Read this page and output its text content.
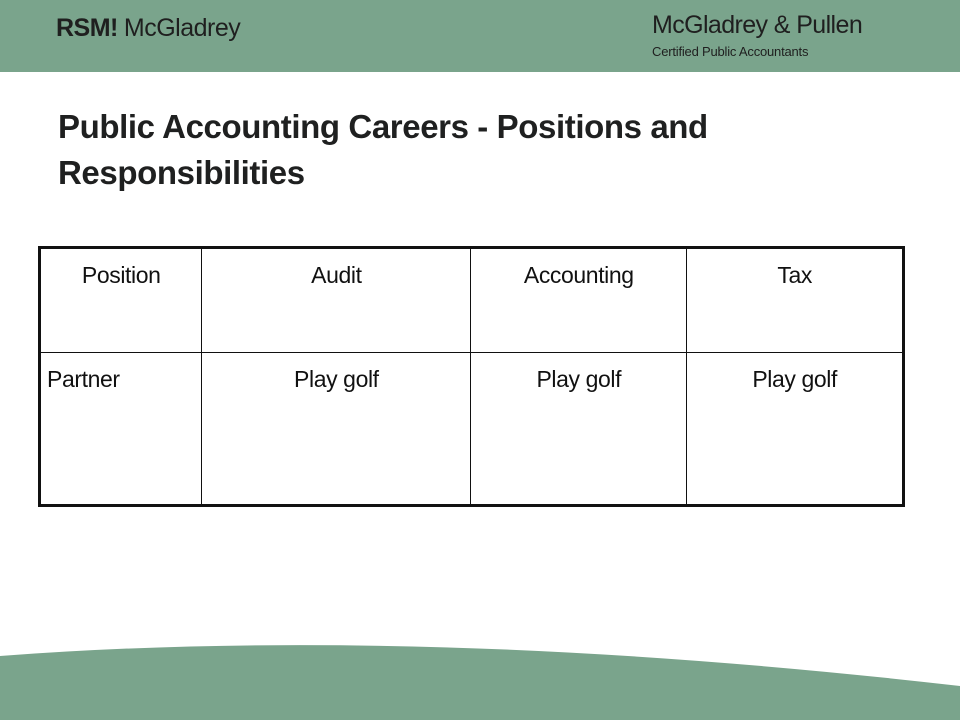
RSM! McGladrey	McGladrey & Pullen
Certified Public Accountants
Public Accounting Careers - Positions and Responsibilities
Position	Audit	Accounting	Tax
Partner	Play golf	Play golf	Play golf
